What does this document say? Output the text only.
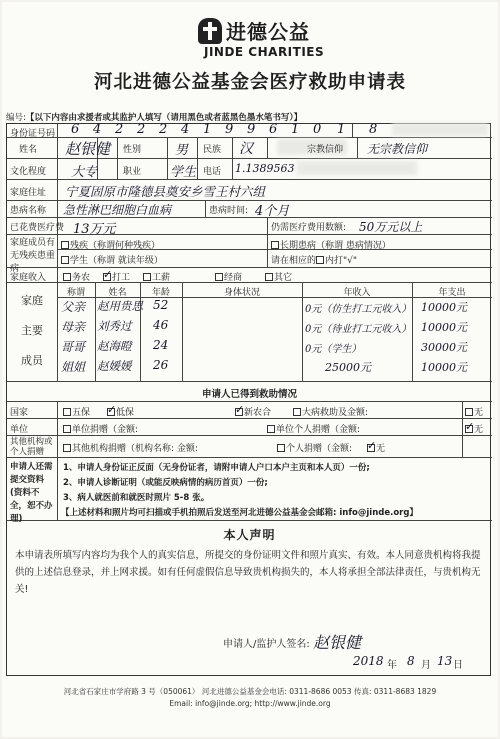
进德公益
JINDE CHARITIES
河北进德公益基金会医疗救助申请表
编号:【以下内容由求援者或其监护人填写（请用黑色或者蓝黑色墨水笔书写）】
身份证号码 6 4 2 2 2 4 1 9 9 6 1 0 1 8
姓名 赵银健 性别	男 民族 汉	宗教信仰 无宗教信仰
文化程度 大专	职业 学生 电话 1.1389563
家庭住址 宁夏固原市隆德县奠安乡雪王村六组
患病名称 急性淋巴细胞白血病	患病时间: 4个月
已花费医疗费 13万元	仍需医疗费用数额: 50万元以上
家庭成员有无残疾患重病
残疾（称谓何种残疾）	长期患病（称谓 患病情况）
学生（称谓 就读年级）	请在相应的 内打"√"
家庭收入	务农 ✓	打工	工薪	经商	其它
家庭
主要
成员
称谓	姓名	年龄	身体状况	年收入	年支出
父亲 赵用贵思 52	0元（仿生打工元收入） 10000元
母亲 刘秀过 46	0元（待业打工元收入） 10000元
哥哥 赵海瞪 24	0元（学生）	30000元
姐姐 赵媛媛 26	25000元	10000元
申请人已得到救助情况
国家	五保 ✓	低保 ✓	新农合	大病救助及金额:	无
单位	单位捐赠（金额:	单位个人捐赠（金额: ✓	无
其他机构或个人捐赠	其他机构捐赠（机构名称: 金额:	个人捐赠（金额: ✓	无
申请人还需提交资料(资料不全，恕不办理)
1、申请人身份证正反面（无身份证者，请附申请人户口本户主页和本人页）一份;
2、申请人诊断证明（或能反映病情的病历首页）一份;
3、病人就医前和就医时照片 5-8 张。
【上述材料和照片均可扫描或手机拍照后发送至河北进德公益基金会邮箱: info@jinde.org】
本人声明
本申请表所填写内容均为我个人的真实信息，所提交的身份证明文件和照片真实、有效。本人同意贵机构将我提供的上述信息登录，并上网求援。如有任何虚假信息导致贵机构损失的，本人将承担全部法律责任，与贵机构无关!
申请人/监护人签名: 赵银健
2018 年 8 月 13 日
河北省石家庄市学府路 3 号（050061） 河北进德公益基金会电话: 0311-8686 0053 传真: 0311-8683 1829
Email: info@jinde.org; http://www.jinde.org
